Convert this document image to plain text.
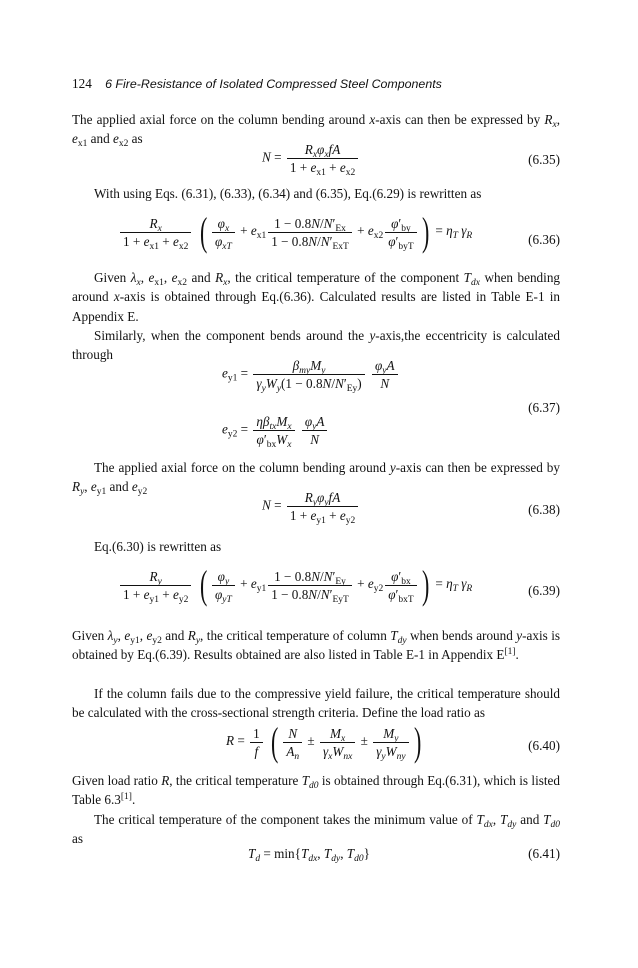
124 6 Fire-Resistance of Isolated Compressed Steel Components
The applied axial force on the column bending around x-axis can then be expressed by $R_x$, $e_{x1}$ and $e_{x2}$ as
$N = \frac{R_x\varphi_xfA}{1 + e_{x1} + e_{x2}}$	(6.35)
With using Eqs. (6.31), (6.33), (6.34) and (6.35), Eq.(6.29) is rewritten as
$\frac{R_x}{1 + e_{x1} + e_{x2}}$ ( $\frac{\varphi_x}{\varphi_{xT}} + e_{x1} \frac{1 - 0.8N/N'_{Ex}}{1 - 0.8N/N'_{ExT}} + e_{x2} \frac{\varphi'_{by}}{\varphi'_{byT}}$ ) = $\eta_T$ $\gamma_R$	(6.36)
Given $\lambda_x$, $e_{x1}$, $e_{x2}$ and $R_x$, the critical temperature of the component $T_{dx}$ when bending around x-axis is obtained through Eq.(6.36). Calculated results are listed in Table E-1 in Appendix E.
Similarly, when the component bends around the y-axis,the eccentricity is calculated through
$e_{y1} = \frac{\beta_{my}M_y}{\gamma_yW_y(1 - 0.8N/N'_{Ey})}$
$\frac{\varphi_yA}{N}$
$e_{y2} = \frac{\eta\beta_{tx}M_x}{\varphi'_{bx}W_x}$
$\frac{\varphi_yA}{N}$
(6.37)
The applied axial force on the column bending around y-axis can then be expressed by $R_y$, $e_{y1}$ and $e_{y2}$
$N = \frac{R_y\varphi_yfA}{1 + e_{y1} + e_{y2}}$	(6.38)
Eq.(6.30) is rewritten as
$\frac{R_y}{1 + e_{y1} + e_{y2}}$ ( $\frac{\varphi_y}{\varphi_{yT}} + e_{y1} \frac{1 - 0.8N/N'_{Ey}}{1 - 0.8N/N'_{EyT}} + e_{y2} \frac{\varphi'_{bx}}{\varphi'_{bxT}}$ ) = $\eta_T$ $\gamma_R$	(6.39)
Given $\lambda_y$, $e_{y1}$, $e_{y2}$ and $R_y$, the critical temperature of column $T_{dy}$ when bends around y-axis is obtained by Eq.(6.39). Results obtained are also listed in Table E-1 in Appendix E[1].
If the column fails due to the compressive yield failure, the critical temperature should be calculated with the cross-sectional strength criteria. Define the load ratio as
$R = \frac{1}{f}$ ( $\frac{N}{A_n} \pm \frac{M_x}{\gamma_xW_{nx}} \pm \frac{M_y}{\gamma_yW_{ny}}$ )	(6.40)
Given load ratio R, the critical temperature $T_{d0}$ is obtained through Eq.(6.31), which is listed Table 6.3[1].
The critical temperature of the component takes the minimum value of $T_{dx}$, $T_{dy}$ and $T_{d0}$ as
$T_d = \min\{T_{dx}$, $T_{dy}$, $T_{d0}$}	(6.41)
